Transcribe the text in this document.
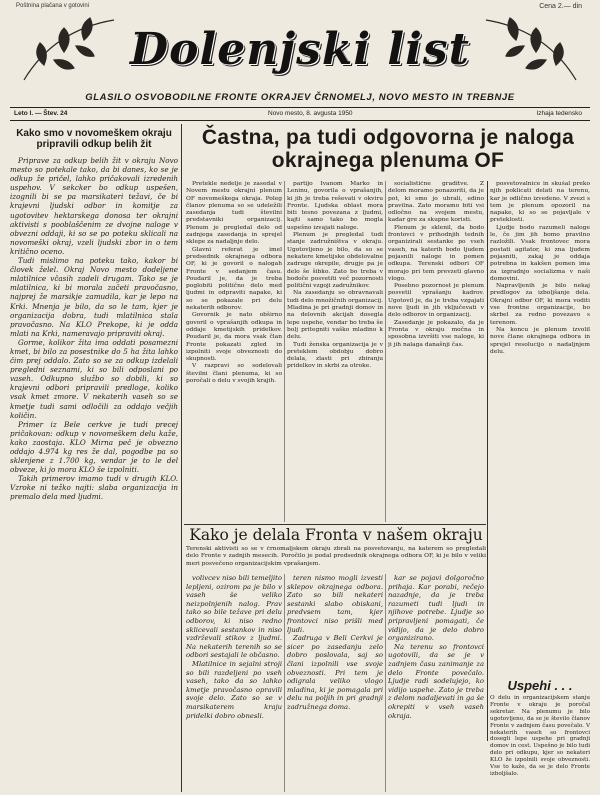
Poštnina plačana v gotovini	Cena 2.— din
Dolenjski list
GLASILO OSVOBODILNE FRONTE OKRAJEV ČRNOMELJ, NOVO MESTO IN TREBNJE
Leto I. — Štev. 24	Novo mesto, 8. avgusta 1950	Izhaja tedensko
Kako smo v novomeškem okraju pripravili odkup belih žit

Priprave za odkup belih žit v okraju Novo mesto so potekale tako, da bi danes, ko se je odkup že pričel, lahko pričakovali izredenih uspehov. V sekcker bo odkup uspešen, izognili bi se pa marsikateri težavi, če bi krajevni ljudski odbor in komitje za ugotovitev hektarskega donosa ter okrajni aktivisti s pooblaščenim ze dvojne naloge v obvezni oddaji, ki so se po poteku sklicali na novomeški okraj, vzeli ljudski zbor in o tem kritično oceno.

Tudi mislimo na poteku tako, kakor bi človek želel. Okraj Novo mesto dodeljene mlatilnice včasih zadeli drugam. Tako se je mlatilnica, ki bi morala začeti pravočasno, najprej že marsikje zamudila, kar je lepo na Krki. Mnenja je bilo, da so le tam, kjer je organizacija dobra, tudi mlatilnica stala pravočasno. Na KLO Prekope, ki je odda mlati na Krki, nameravajo pripraviti okraj.

Gorme, kolikor žita ima oddati posamezni kmet, bi bilo za posestnike do 5 ha žita lahko čim prej oddalo. Zato so se za odkup izdelali pregledni seznami, ki so bili odposlani po vaseh. Odkupno službo so dobili, ki so krajevni odbori pripravili predloge, koliko vsak kmet zmore. V nekaterih vaseh so se kmetje tudi sami odločili za oddajo večjih količin.

Primer iz Bele cerkve je tudi precej pričakovan: odkup v novomeškem delu kaže, kako zaostaja. KLO Mirna peč je obvezno oddajo 4.974 kg res že dal, pogodbe pa so sklenjene z 1.700 kg, vendar je to le del obveze, ki jo mora KLO še izpolniti.

Takih primerov imamo tudi v drugih KLO. Vzroke ni težko najti: slaba organizacija in premalo dela med ljudmi.

Častna, pa tudi odgovorna je naloga okrajnega plenuma OF

Pretekle nedelje je zasedal v Novem mestu okrajni plenum OF novomeškega okraja. Poleg članov plenuma so se udeležili zasedanja tudi številni predstavniki organizacij. Plenum je pregledal delo od zadnjega zasedanja in sprejel sklepe za nadaljnje delo.

Glavni referat je imel predsednik okrajnega odbora OF, ki je govoril o nalogah Fronte v sedanjem času. Poudaril je, da je treba poglobiti politično delo med ljudmi in odpraviti napake, ki so se pokazale pri delu nekaterih odborov.

Govornik je nato obširno govoril o vprašanjih odkupa in oddaje kmetijskih pridelkov. Poudaril je, da mora vsak član Fronte pokazati zgled in izpolniti svoje obveznosti do skupnosti.

V razpravi so sodelovali številni člani plenuma, ki so poročali o delu v svojih krajih.

partijo Ivanom Marko in Leninu, govorila o vprašanjih, ki jih je treba reševati v okviru Fronte. Ljudska oblast mora biti tesno povezana z ljudmi, kajti samo tako bo mogla uspešno izvajati naloge.

Plenum je pregledal tudi stanje zadružništva v okraju. Ugotovljeno je bilo, da so se nekatere kmetijske obdelovalne zadruge okrepile, drugje pa je delo še šibko. Zato bo treba v bodoče posvetiti več pozornosti politični vzgoji zadružnikov.

Na zasedanju so obravnavali tudi delo množičnih organizacij. Mladina je pri gradnji domov in na delovnih akcijah dosegla lepe uspehe, vendar bo treba še bolj pritegniti vaško mladino k delu.

Tudi ženska organizacija je v preteklem obdobju dobro delala, zlasti pri zbiranju pridelkov in skrbi za otroke.

socialistične graditve. Z delom moramo ponazoriti, da je pot, ki smo jo ubrali, edino pravilna. Zato moramo biti vsi odločno na svojem mestu, kadar gre za skupne koristi.

Plenum je sklenil, da bodo frontovci v prihodnjih tednih organizirali sestanke po vseh vaseh, na katerih bodo ljudem pojasnili naloge in pomen odkupa. Terenski odbori OF morajo pri tem prevzeti glavno vlogo.

Posebno pozornost je plenum posvetil vprašanju kadrov. Ugotovil je, da je treba vzgajati nove ljudi in jih vključevati v delo odborov in organizacij.

Zasedanje je pokazalo, da je Fronta v okraju močna in sposobna izvršiti vse naloge, ki ji jih nalaga današnji čas.

posvetovalnice in skušal preko njih poklicati delati na terenu, kar je odlično izvedeno. V zvezi s tem je plenum opozoril na napake, ki so se pojavljale v preteklosti.

Ljudje bodo razumeli naloge le, če jim jih bomo pravilno razložili. Vsak frontovec mora postati agitator, ki zna ljudem pojasniti, zakaj je oddaja potrebna in kakšen pomen ima za izgradnjo socializma v naši domovini.

Napravljenih je bilo nekaj predlogov za izboljšanje dela. Okrajni odbor OF, ki mora voditi vse frontne organizacije, bo skrbel za redno povezavo s terenom.

Na koncu je plenum izvolil nove člane okrajnega odbora in sprejel resolucijo o nadaljnjem delu.

Kako je delala Fronta v našem okraju
Terenski aktivisti so se v črnomaljskem okraju zbrali na posvetovanju, na katerem so pregledali delo Fronte v zadnjih mesecih. Poročilo je podal predsednik okrajnega odbora OF, ki je bilo v veliki meri posvečeno organizacijskim vprašanjem.

volivcev niso bili temeljito lepljeni, ozirom pa je bilo v vaseh še veliko neizpolnjenih nalog. Prav tako so bile težave pri delu odborov, ki niso redno sklicevali sestankov in niso vzdrževali stikov z ljudmi. Na nekaterih terenih so se odbori sestajali le občasno.

Mlatilnice in sejalni stroji so bili razdeljeni po vseh vaseh, tako da so lahko kmetje pravočasno opravili svoje delo. Zato so se v marsikaterem kraju pridelki dobro obnesli.

teren nismo mogli izvesti sklepov okrajnega odbora. Zato so bili nekateri sestanki slabo obiskani, predvsem tam, kjer frontovci niso prišli med ljudi.

Zadruga v Beli Cerkvi je sicer po zasedanju zelo dobro poslovala, saj so člani izpolnili vse svoje obveznosti. Pri tem je odigrala veliko vlogo mladina, ki je pomagala pri delu na poljih in pri gradnji zadružnega doma.

kar se pojavi dolgoročno prihaja. Kar porabi, rečejo nazadnje, da je treba razumeti tudi ljudi in njihove potrebe. Ljudje so pripravljeni pomagati, če vidijo, da je delo dobro organizirano.

Na terenu so frontovci ugotovili, da se je v zadnjem času zanimanje za delo Fronte povečalo. Ljudje radi sodelujejo, ko vidijo uspehe. Zato je treba z delom nadaljevati in ga še okrepiti v vseh vaseh okraja.

Uspehi . . .
O delu in organizacijskem stanju Fronte v okraju je poročal sekretar. Na plenumu je bilo ugotovljeno, da se je število članov Fronte v zadnjem času povečalo. V nekaterih vaseh so frontovci dosegli lepe uspehe pri gradnji domov in cest. Uspešno je bilo tudi delo pri odkupu, kjer so nekateri KLO že izpolnili svoje obveznosti. Vse to kaže, da se je delo Fronte izboljšalo.
